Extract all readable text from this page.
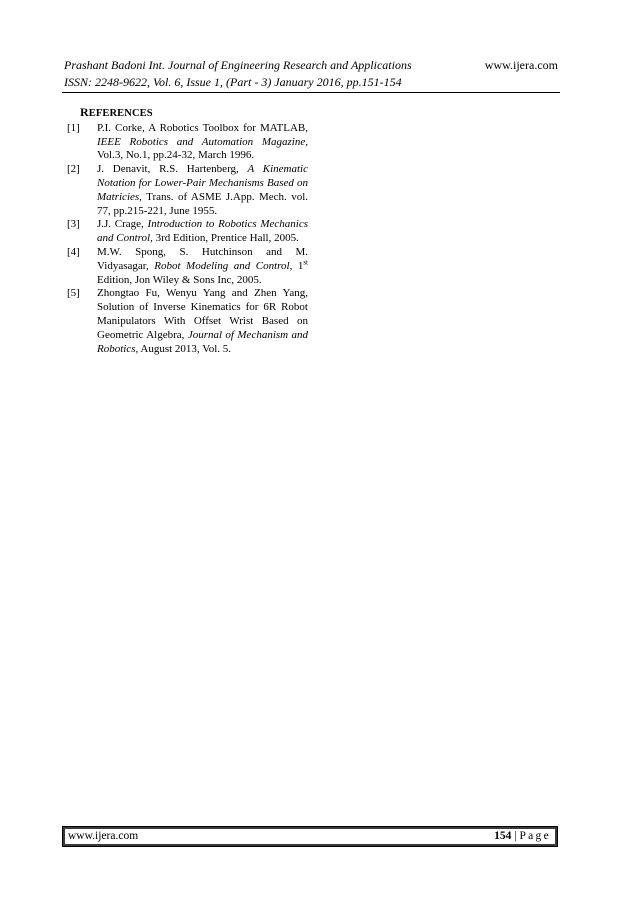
Prashant Badoni Int. Journal of Engineering Research and Applications	www.ijera.com
ISSN: 2248-9622, Vol. 6, Issue 1, (Part - 3) January 2016, pp.151-154
REFERENCES
[1]	P.I. Corke, A Robotics Toolbox for MATLAB, IEEE Robotics and Automation Magazine, Vol.3, No.1, pp.24-32, March 1996.
[2]	J. Denavit, R.S. Hartenberg, A Kinematic Notation for Lower-Pair Mechanisms Based on Matricies, Trans. of ASME J.App. Mech. vol. 77, pp.215-221, June 1955.
[3]	J.J. Crage, Introduction to Robotics Mechanics and Control, 3rd Edition, Prentice Hall, 2005.
[4]	M.W. Spong, S. Hutchinson and M. Vidyasagar, Robot Modeling and Control, 1st Edition, Jon Wiley & Sons Inc, 2005.
[5]	Zhongtao Fu, Wenyu Yang and Zhen Yang, Solution of Inverse Kinematics for 6R Robot Manipulators With Offset Wrist Based on Geometric Algebra, Journal of Mechanism and Robotics, August 2013, Vol. 5.
www.ijera.com	154 | Page
